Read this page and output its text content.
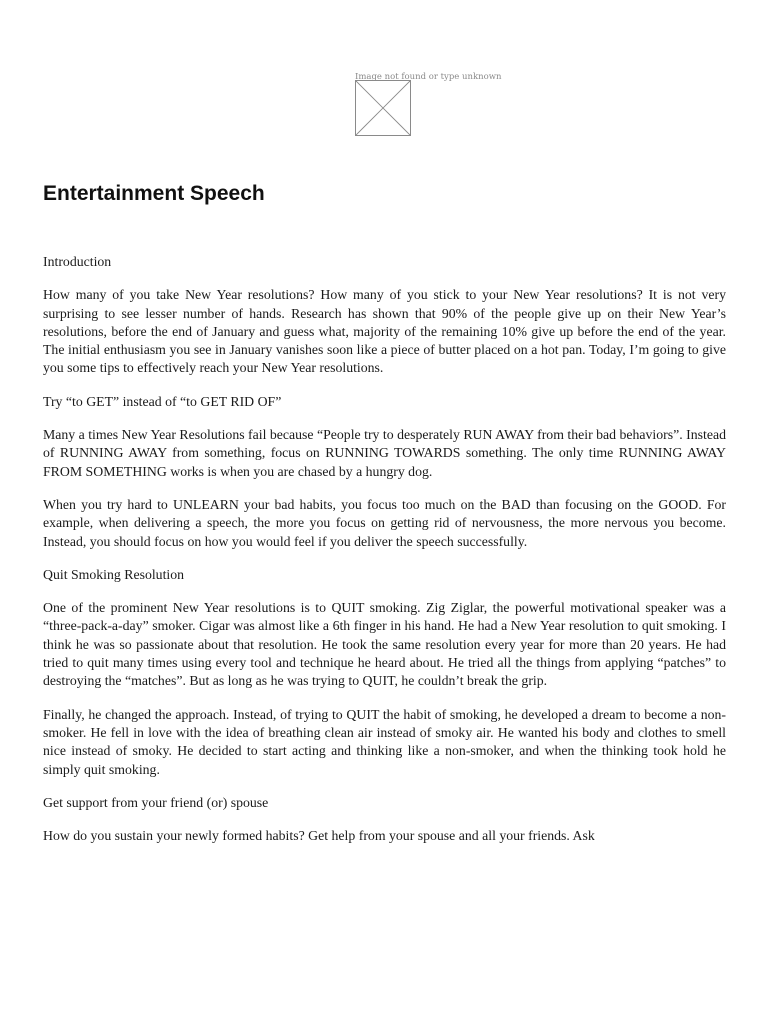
Image not found or type unknown
Entertainment Speech

Introduction

How many of you take New Year resolutions? How many of you stick to your New Year resolutions? It is not very surprising to see lesser number of hands. Research has shown that 90% of the people give up on their New Year’s resolutions, before the end of January and guess what, majority of the remaining 10% give up before the end of the year. The initial enthusiasm you see in January vanishes soon like a piece of butter placed on a hot pan. Today, I’m going to give you some tips to effectively reach your New Year resolutions.

Try “to GET” instead of “to GET RID OF”

Many a times New Year Resolutions fail because “People try to desperately RUN AWAY from their bad behaviors”. Instead of RUNNING AWAY from something, focus on RUNNING TOWARDS something. The only time RUNNING AWAY FROM SOMETHING works is when you are chased by a hungry dog.

When you try hard to UNLEARN your bad habits, you focus too much on the BAD than focusing on the GOOD. For example, when delivering a speech, the more you focus on getting rid of nervousness, the more nervous you become. Instead, you should focus on how you would feel if you deliver the speech successfully.

Quit Smoking Resolution

One of the prominent New Year resolutions is to QUIT smoking. Zig Ziglar, the powerful motivational speaker was a “three-pack-a-day” smoker. Cigar was almost like a 6th finger in his hand. He had a New Year resolution to quit smoking. I think he was so passionate about that resolution. He took the same resolution every year for more than 20 years. He had tried to quit many times using every tool and technique he heard about. He tried all the things from applying “patches” to destroying the “matches”. But as long as he was trying to QUIT, he couldn’t break the grip.

Finally, he changed the approach. Instead, of trying to QUIT the habit of smoking, he developed a dream to become a non-smoker. He fell in love with the idea of breathing clean air instead of smoky air. He wanted his body and clothes to smell nice instead of smoky. He decided to start acting and thinking like a non-smoker, and when the thinking took hold he simply quit smoking.

Get support from your friend (or) spouse

How do you sustain your newly formed habits? Get help from your spouse and all your friends. Ask
